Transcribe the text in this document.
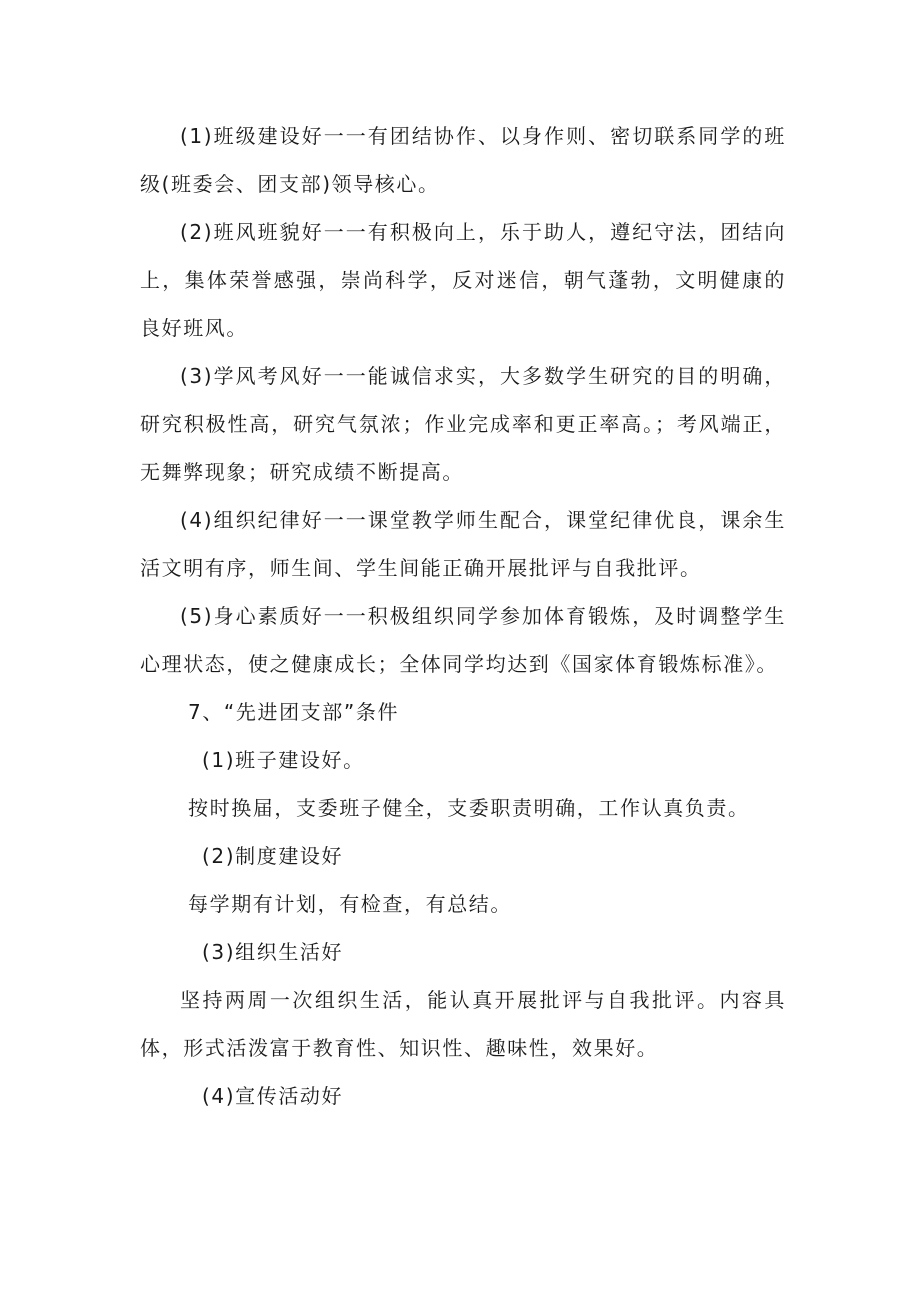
(1)班级建设好一一有团结协作、以身作则、密切联系同学的班级(班委会、团支部)领导核心。

(2)班风班貌好一一有积极向上，乐于助人，遵纪守法，团结向上，集体荣誉感强，崇尚科学，反对迷信，朝气蓬勃，文明健康的良好班风。

(3)学风考风好一一能诚信求实，大多数学生研究的目的明确，研究积极性高，研究气氛浓；作业完成率和更正率高。；考风端正，无舞弊现象；研究成绩不断提高。

(4)组织纪律好一一课堂教学师生配合，课堂纪律优良，课余生活文明有序，师生间、学生间能正确开展批评与自我批评。

(5)身心素质好一一积极组织同学参加体育锻炼，及时调整学生心理状态，使之健康成长；全体同学均达到《国家体育锻炼标准》。

7、“先进团支部”条件

(1)班子建设好。

按时换届，支委班子健全，支委职责明确，工作认真负责。

(2)制度建设好

每学期有计划，有检查，有总结。

(3)组织生活好

坚持两周一次组织生活，能认真开展批评与自我批评。内容具体，形式活泼富于教育性、知识性、趣味性，效果好。

(4)宣传活动好
